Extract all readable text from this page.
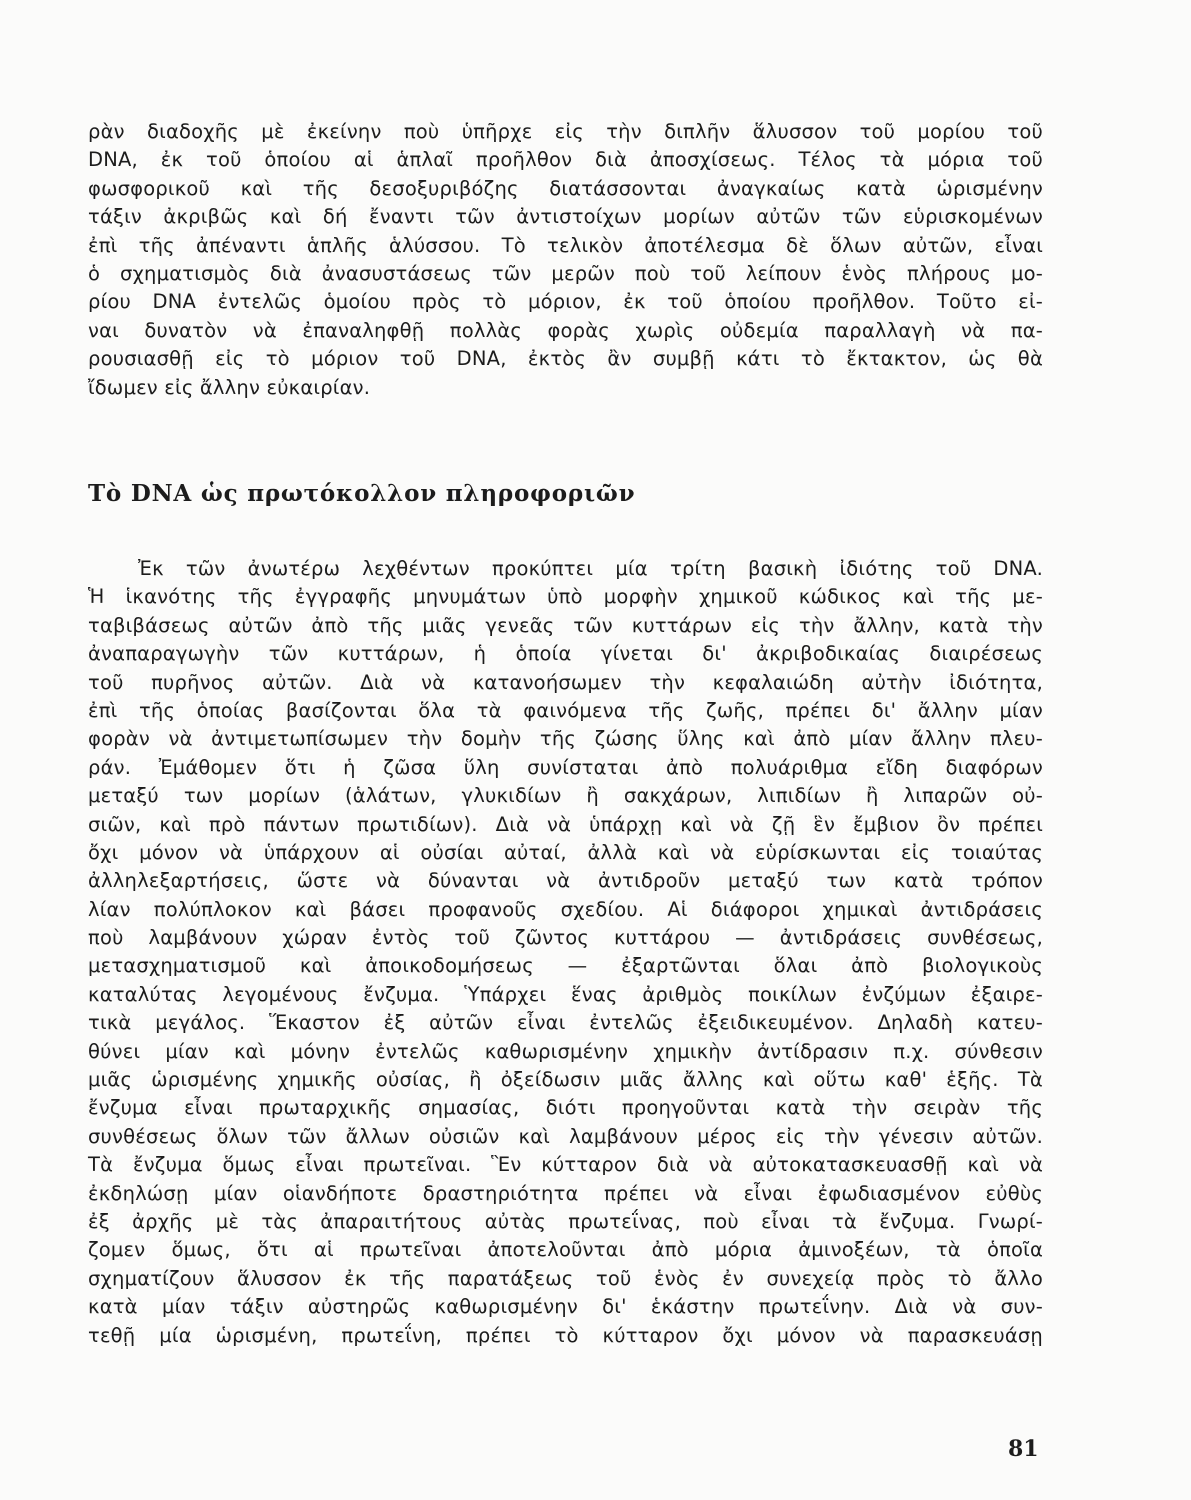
ρὰν διαδοχῆς μὲ ἐκείνην ποὺ ὑπῆρχε εἰς τὴν διπλῆν ἅλυσσον τοῦ μορίου τοῦ
DNA, ἐκ τοῦ ὁποίου αἱ ἁπλαῖ προῆλθον διὰ ἀποσχίσεως. Τέλος τὰ μόρια τοῦ
φωσφορικοῦ καὶ τῆς δεσοξυριβόζης διατάσσονται ἀναγκαίως κατὰ ὡρισμένην
τάξιν ἀκριβῶς καὶ δή ἔναντι τῶν ἀντιστοίχων μορίων αὐτῶν τῶν εὑρισκομένων
ἐπὶ τῆς ἀπέναντι ἁπλῆς ἁλύσσου. Τὸ τελικὸν ἀποτέλεσμα δὲ ὅλων αὐτῶν, εἶναι
ὁ σχηματισμὸς διὰ ἀνασυστάσεως τῶν μερῶν ποὺ τοῦ λείπουν ἑνὸς πλήρους μο-
ρίου DNA ἐντελῶς ὁμοίου πρὸς τὸ μόριον, ἐκ τοῦ ὁποίου προῆλθον. Τοῦτο εἰ-
ναι δυνατὸν νὰ ἐπαναληφθῇ πολλὰς φορὰς χωρὶς οὐδεμία παραλλαγὴ νὰ πα-
ρουσιασθῇ εἰς τὸ μόριον τοῦ DNA, ἐκτὸς ἂν συμβῇ κάτι τὸ ἔκτακτον, ὡς θὰ
ἴδωμεν εἰς ἄλλην εὐκαιρίαν.
Τὸ DNA ὡς πρωτόκολλον πληροφοριῶν
Ἐκ τῶν ἀνωτέρω λεχθέντων προκύπτει μία τρίτη βασικὴ ἰδιότης τοῦ DNA.
Ἡ ἱκανότης τῆς ἐγγραφῆς μηνυμάτων ὑπὸ μορφὴν χημικοῦ κώδικος καὶ τῆς με-
ταβιβάσεως αὐτῶν ἀπὸ τῆς μιᾶς γενεᾶς τῶν κυττάρων εἰς τὴν ἄλλην, κατὰ τὴν
ἀναπαραγωγὴν τῶν κυττάρων, ἡ ὁποία γίνεται δι' ἀκριβοδικαίας διαιρέσεως
τοῦ πυρῆνος αὐτῶν. Διὰ νὰ κατανοήσωμεν τὴν κεφαλαιώδη αὐτὴν ἰδιότητα,
ἐπὶ τῆς ὁποίας βασίζονται ὅλα τὰ φαινόμενα τῆς ζωῆς, πρέπει δι' ἄλλην μίαν
φορὰν νὰ ἀντιμετωπίσωμεν τὴν δομὴν τῆς ζώσης ὕλης καὶ ἀπὸ μίαν ἄλλην πλευ-
ράν. Ἐμάθομεν ὅτι ἡ ζῶσα ὕλη συνίσταται ἀπὸ πολυάριθμα εἴδη διαφόρων
μεταξύ των μορίων (ἁλάτων, γλυκιδίων ἢ σακχάρων, λιπιδίων ἢ λιπαρῶν οὐ-
σιῶν, καὶ πρὸ πάντων πρωτιδίων). Διὰ νὰ ὑπάρχῃ καὶ νὰ ζῇ ἓν ἔμβιον ὂν πρέπει
ὄχι μόνον νὰ ὑπάρχουν αἱ οὐσίαι αὐταί, ἀλλὰ καὶ νὰ εὑρίσκωνται εἰς τοιαύτας
ἀλληλεξαρτήσεις, ὥστε νὰ δύνανται νὰ ἀντιδροῦν μεταξύ των κατὰ τρόπον
λίαν πολύπλοκον καὶ βάσει προφανοῦς σχεδίου. Αἱ διάφοροι χημικαὶ ἀντιδράσεις
ποὺ λαμβάνουν χώραν ἐντὸς τοῦ ζῶντος κυττάρου — ἀντιδράσεις συνθέσεως,
μετασχηματισμοῦ καὶ ἀποικοδομήσεως — ἐξαρτῶνται ὅλαι ἀπὸ βιολογικοὺς
καταλύτας λεγομένους ἔνζυμα. Ὑπάρχει ἕνας ἀριθμὸς ποικίλων ἐνζύμων ἐξαιρε-
τικὰ μεγάλος. Ἕκαστον ἐξ αὐτῶν εἶναι ἐντελῶς ἐξειδικευμένον. Δηλαδὴ κατευ-
θύνει μίαν καὶ μόνην ἐντελῶς καθωρισμένην χημικὴν ἀντίδρασιν π.χ. σύνθεσιν
μιᾶς ὡρισμένης χημικῆς οὐσίας, ἢ ὀξείδωσιν μιᾶς ἄλλης καὶ οὕτω καθ' ἑξῆς. Τὰ
ἔνζυμα εἶναι πρωταρχικῆς σημασίας, διότι προηγοῦνται κατὰ τὴν σειρὰν τῆς
συνθέσεως ὅλων τῶν ἄλλων οὐσιῶν καὶ λαμβάνουν μέρος εἰς τὴν γένεσιν αὐτῶν.
Τὰ ἔνζυμα ὅμως εἶναι πρωτεῖναι. Ἓν κύτταρον διὰ νὰ αὐτοκατασκευασθῇ καὶ νὰ
ἐκδηλώσῃ μίαν οἱανδήποτε δραστηριότητα πρέπει νὰ εἶναι ἐφωδιασμένον εὐθὺς
ἐξ ἀρχῆς μὲ τὰς ἀπαραιτήτους αὐτὰς πρωτεΐνας, ποὺ εἶναι τὰ ἔνζυμα. Γνωρί-
ζομεν ὅμως, ὅτι αἱ πρωτεῖναι ἀποτελοῦνται ἀπὸ μόρια ἀμινοξέων, τὰ ὁποῖα
σχηματίζουν ἅλυσσον ἐκ τῆς παρατάξεως τοῦ ἑνὸς ἐν συνεχείᾳ πρὸς τὸ ἄλλο
κατὰ μίαν τάξιν αὐστηρῶς καθωρισμένην δι' ἑκάστην πρωτεΐνην. Διὰ νὰ συν-
τεθῇ μία ὡρισμένη, πρωτεΐνη, πρέπει τὸ κύτταρον ὄχι μόνον νὰ παρασκευάσῃ
81
